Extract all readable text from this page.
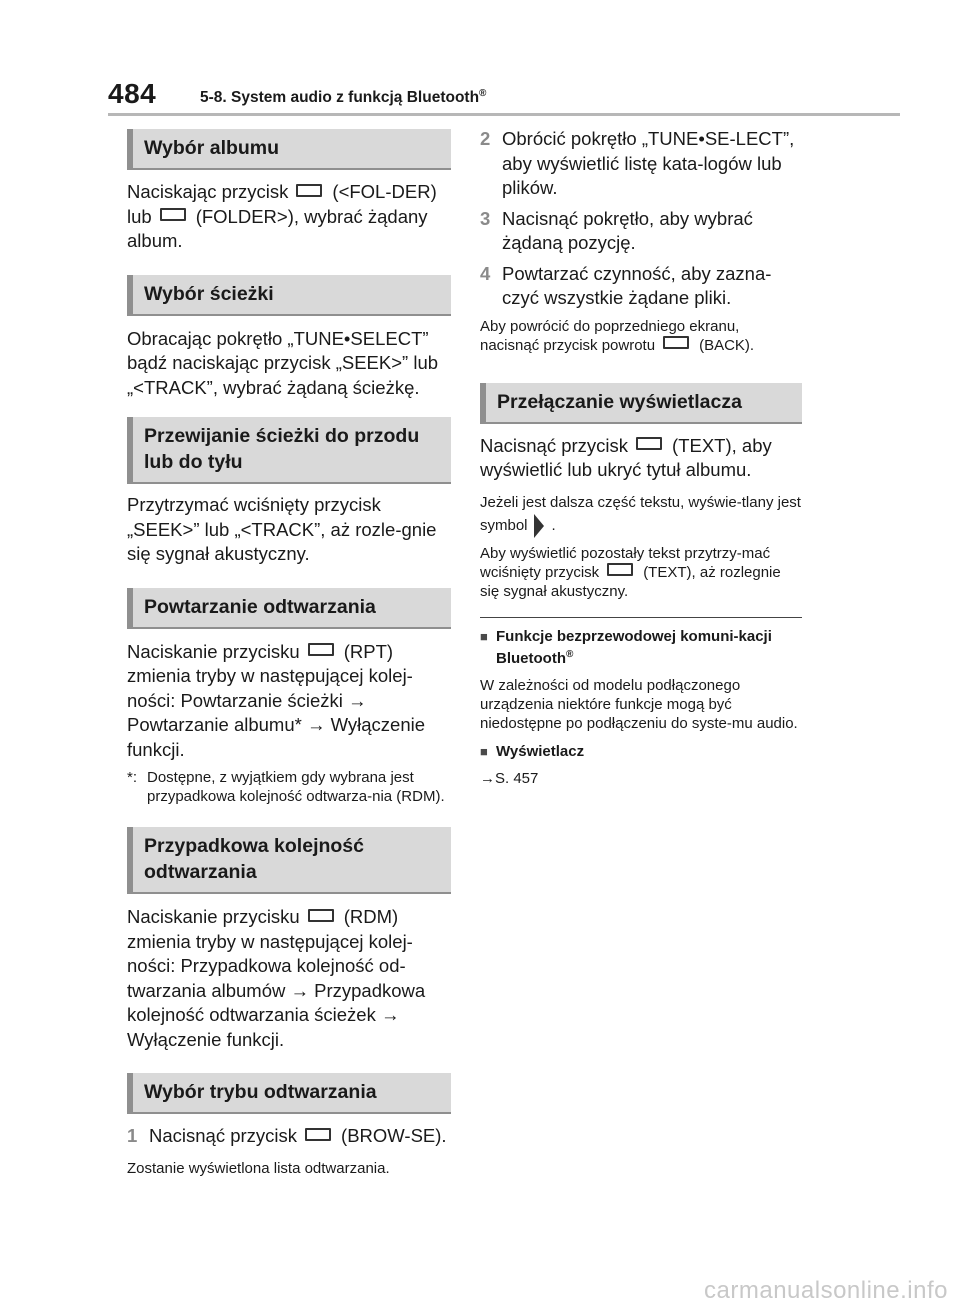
484	5-8. System audio z funkcją Bluetooth®
Wybór albumu

Naciskając przycisk (<FOL-DER) lub (FOLDER>), wybrać żądany album.

Wybór ścieżki

Obracając pokrętło „TUNE•SELECT” bądź naciskając przycisk „SEEK>” lub „<TRACK”, wybrać żądaną ścieżkę.

Przewijanie ścieżki do przodu lub do tyłu

Przytrzymać wciśnięty przycisk „SEEK>” lub „<TRACK”, aż rozle-gnie się sygnał akustyczny.

Powtarzanie odtwarzania

Naciskanie przycisku (RPT) zmienia tryby w następującej kolej-ności: Powtarzanie ścieżki → Powtarzanie albumu* → Wyłączenie funkcji.

*: Dostępne, z wyjątkiem gdy wybrana jest przypadkowa kolejność odtwarza-nia (RDM).
Przypadkowa kolejność odtwarzania

Naciskanie przycisku (RDM) zmienia tryby w następującej kolej-ności: Przypadkowa kolejność od-twarzania albumów → Przypadkowa kolejność odtwarzania ścieżek → Wyłączenie funkcji.

Wybór trybu odtwarzania
1 Nacisnąć przycisk (BROW-SE).

Zostanie wyświetlona lista odtwarzania.

2 Obrócić pokrętło „TUNE•SE-LECT”, aby wyświetlić listę kata-logów lub plików.
3 Nacisnąć pokrętło, aby wybrać żądaną pozycję.
4 Powtarzać czynność, aby zazna-czyć wszystkie żądane pliki.

Aby powrócić do poprzedniego ekranu, nacisnąć przycisk powrotu	(BACK).

Przełączanie wyświetlacza

Nacisnąć przycisk (TEXT), aby wyświetlić lub ukryć tytuł albumu.

Jeżeli jest dalsza część tekstu, wyświe-tlany jest symbol .

Aby wyświetlić pozostały tekst przytrzy-mać wciśnięty przycisk	(TEXT), aż rozlegnie się sygnał akustyczny.

■ Funkcje bezprzewodowej komuni-kacji Bluetooth®

W zależności od modelu podłączonego urządzenia niektóre funkcje mogą być niedostępne po podłączeniu do syste-mu audio.

■ Wyświetlacz

→S. 457

carmanualsonline.info
